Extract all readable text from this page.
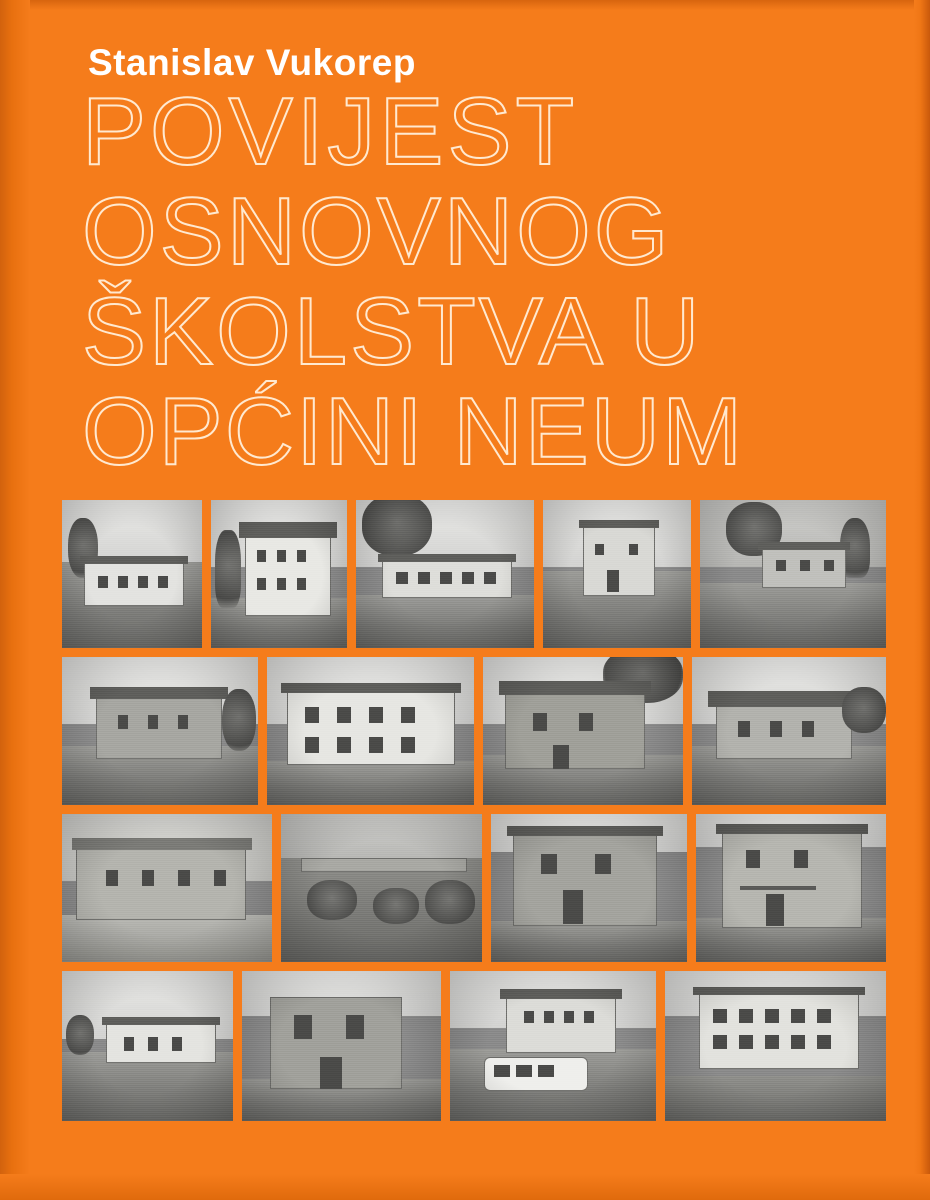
Stanislav Vukorep
POVIJEST
OSNOVNOG
ŠKOLSTVA U
OPĆINI NEUM
